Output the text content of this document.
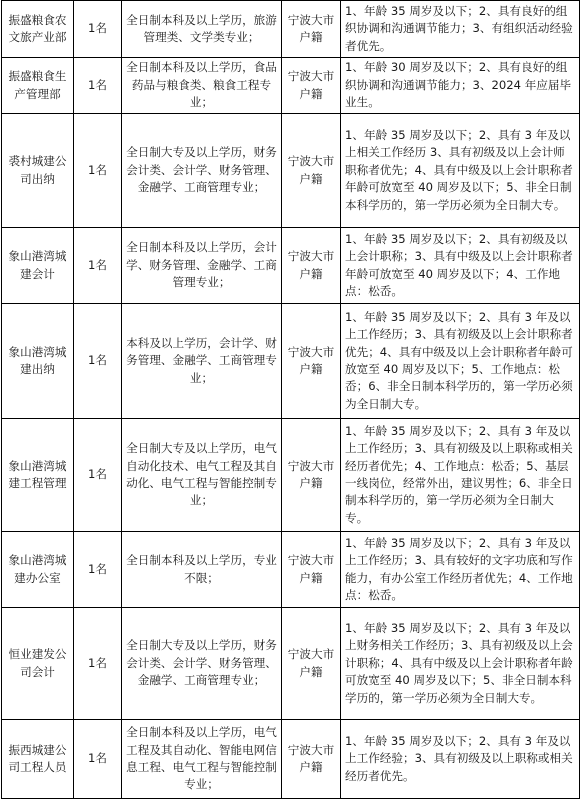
振盛粮食农文旅产业部	1名	全日制本科及以上学历，旅游管理类、文学类专业；	宁波大市户籍	1、年龄 35 周岁及以下；2、具有良好的组织协调和沟通调节能力；3、有组织活动经验者优先。
振盛粮食生产管理部	1名	全日制本科及以上学历，食品药品与粮食类、粮食工程专业；	宁波大市户籍	1、年龄 30 周岁及以下；2、具有良好的组织协调和沟通调节能力；3、2024 年应届毕业生。
裘村城建公司出纳	1名	全日制大专及以上学历，财务会计类、会计学、财务管理、金融学、工商管理专业；	宁波大市户籍	1、年龄 35 周岁及以下；2、具有 3 年及以上相关工作经历 3、具有初级及以上会计师职称者优先；4、具有中级及以上会计职称者年龄可放宽至 40 周岁及以下；5、非全日制本科学历的，第一学历必须为全日制大专。
象山港湾城建会计	1名	全日制本科及以上学历，会计学、财务管理、金融学、工商管理专业；	宁波大市户籍	1、年龄 35 周岁及以下；2、具有初级及以上会计职称；3、具有中级及以上会计职称者年龄可放宽至 40 周岁及以下；4、工作地点：松岙。
象山港湾城建出纳	1名	本科及以上学历，会计学、财务管理、金融学、工商管理专业；	宁波大市户籍	1、年龄 35 周岁及以下；2、具有 3 年及以上工作经历；3、具有初级及以上会计职称者优先；4、具有中级及以上会计职称者年龄可放宽至 40 周岁及以下；5、工作地点：松岙；6、非全日制本科学历的，第一学历必须为全日制大专。
象山港湾城建工程管理	1名	全日制大专及以上学历，电气自动化技术、电气工程及其自动化、电气工程与智能控制专业；	宁波大市户籍	1、年龄 35 周岁及以下；2、具有 3 年及以上工作经历；3、具有初级及以上职称或相关经历者优先；4、工作地点：松岙；5、基层一线岗位，经常外出，建议男性；6、非全日制本科学历的，第一学历必须为全日制大专。
象山港湾城建办公室	1名	全日制本科及以上学历，专业不限；	宁波大市户籍	1、年龄 35 周岁及以下；2、具有 3 年及以上工作经历；3、具有较好的文字功底和写作能力，有办公室工作经历者优先；4、工作地点：松岙。
恒业建发公司会计	1名	全日制大专及以上学历，财务会计类、会计学、财务管理、金融学、工商管理专业；	宁波大市户籍	1、年龄 35 周岁及以下；2、具有 3 年及以上财务相关工作经历；3、具有初级及以上会计职称；4、具有中级及以上会计职称者年龄可放宽至 40 周岁及以下；5、非全日制本科学历的，第一学历必须为全日制大专。
振西城建公司工程人员	1名	全日制本科及以上学历，电气工程及其自动化、智能电网信息工程、电气工程与智能控制专业；	宁波大市户籍	1、年龄 35 周岁及以下；2、具有 3 年及以上工作经验；3、具有初级及以上职称或相关经历者优先。
